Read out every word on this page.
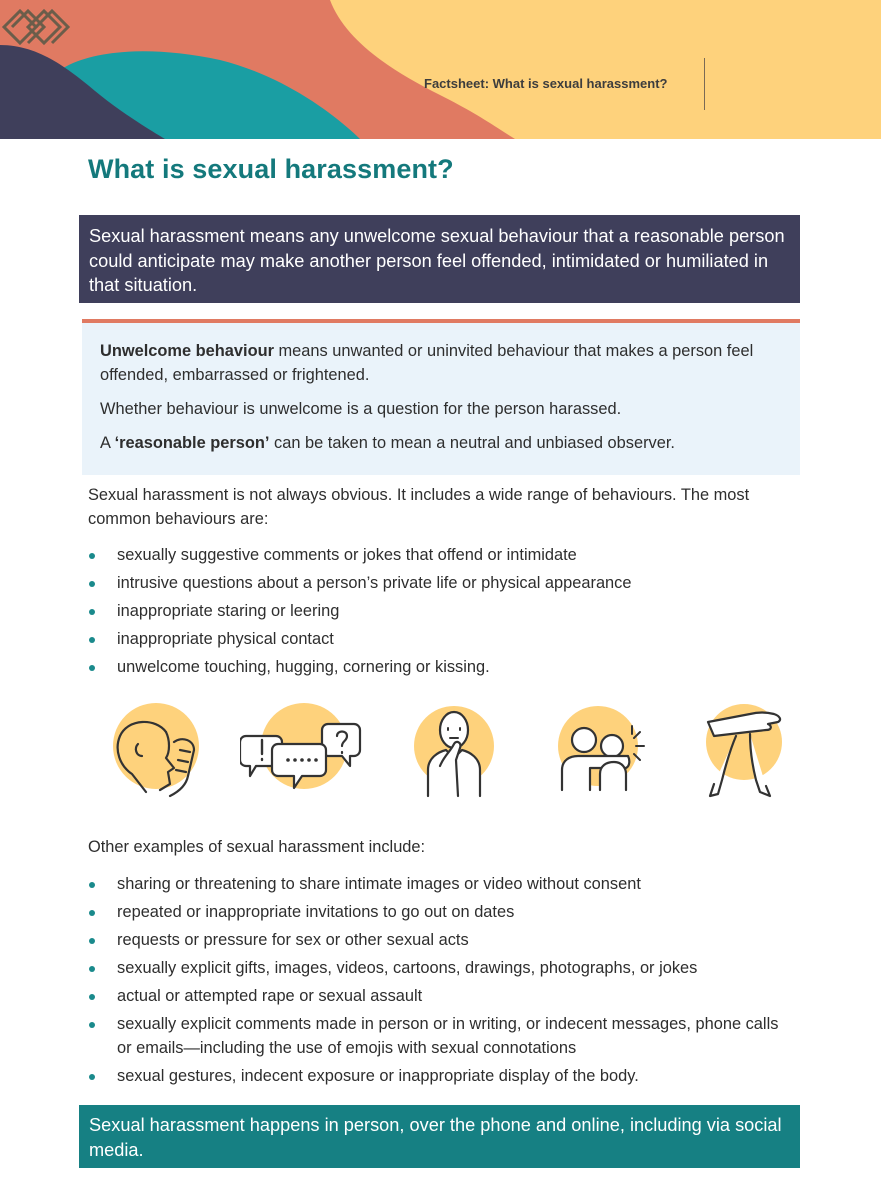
Factsheet: What is sexual harassment?
What is sexual harassment?
Sexual harassment means any unwelcome sexual behaviour that a reasonable person could anticipate may make another person feel offended, intimidated or humiliated in that situation.

Unwelcome behaviour means unwanted or uninvited behaviour that makes a person feel offended, embarrassed or frightened.

Whether behaviour is unwelcome is a question for the person harassed.

A ‘reasonable person’ can be taken to mean a neutral and unbiased observer.

Sexual harassment is not always obvious. It includes a wide range of behaviours. The most common behaviours are:
sexually suggestive comments or jokes that offend or intimidate
intrusive questions about a person’s private life or physical appearance
inappropriate staring or leering
inappropriate physical contact
unwelcome touching, hugging, cornering or kissing.
Other examples of sexual harassment include:
sharing or threatening to share intimate images or video without consent
repeated or inappropriate invitations to go out on dates
requests or pressure for sex or other sexual acts
sexually explicit gifts, images, videos, cartoons, drawings, photographs, or jokes
actual or attempted rape or sexual assault
sexually explicit comments made in person or in writing, or indecent messages, phone calls or emails—including the use of emojis with sexual connotations
sexual gestures, indecent exposure or inappropriate display of the body.
Sexual harassment happens in person, over the phone and online, including via social media.
